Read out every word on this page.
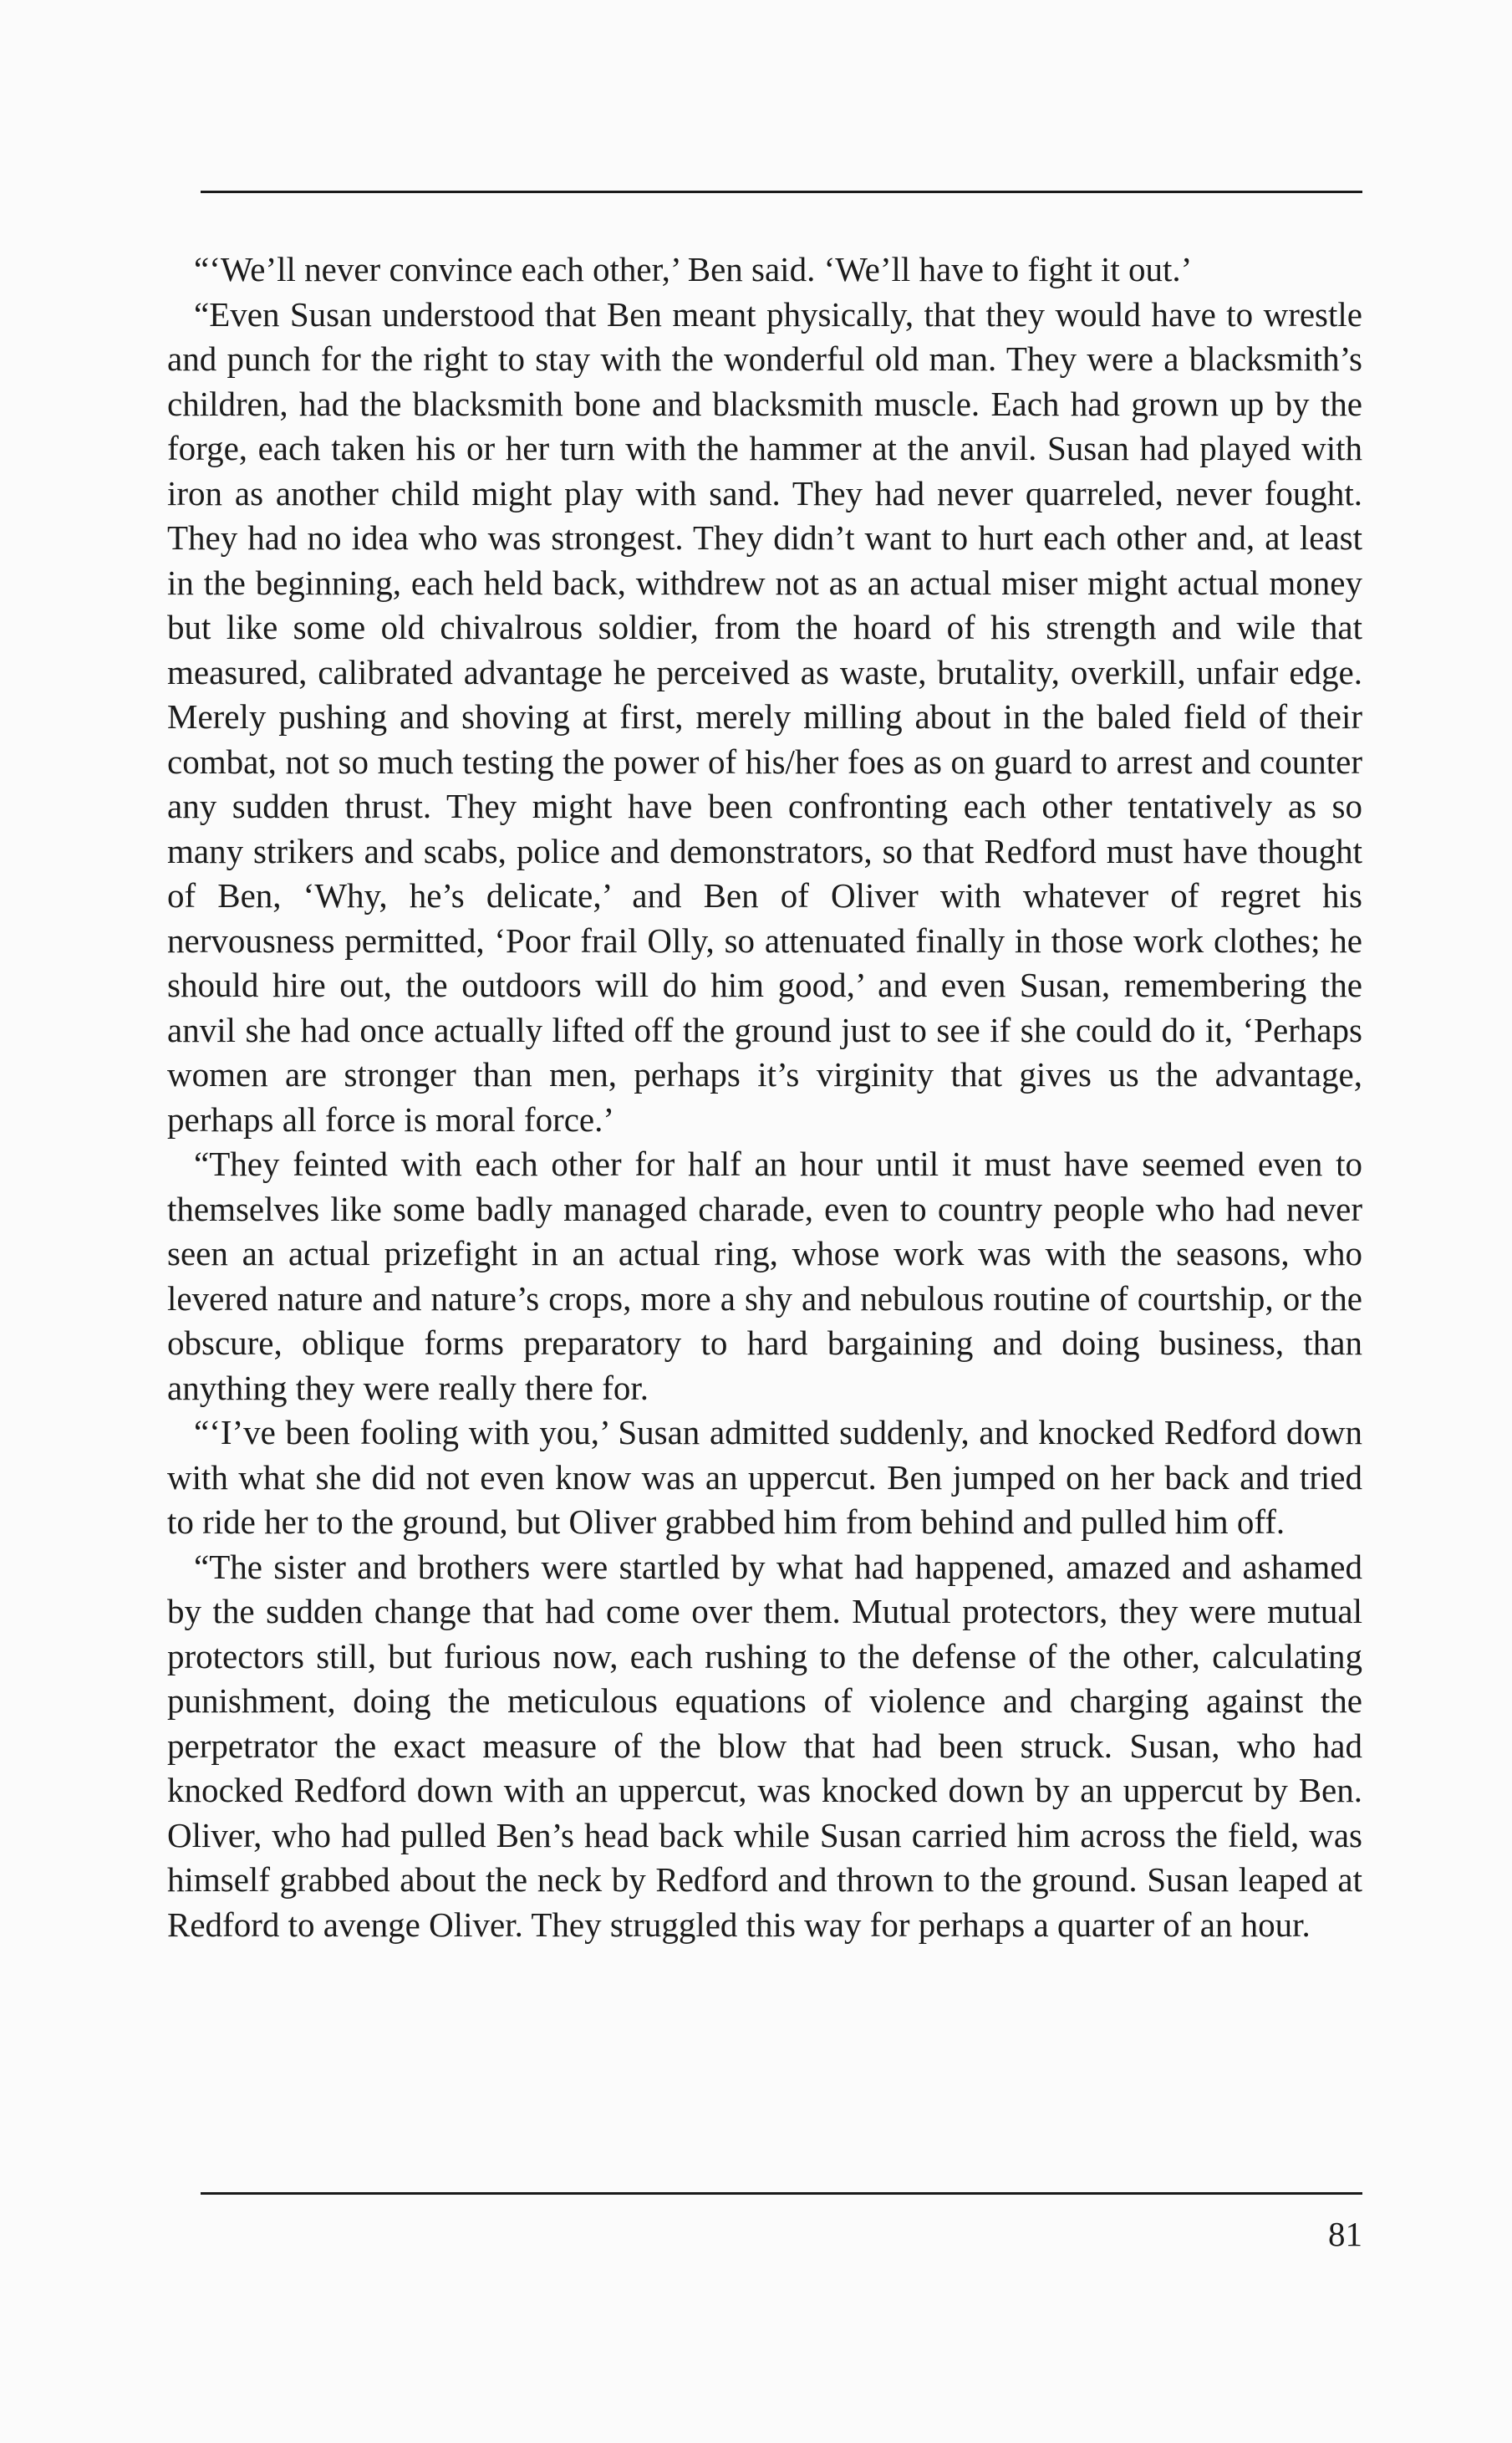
“‘We’ll never convince each other,’ Ben said. ‘We’ll have to fight it out.’

“Even Susan understood that Ben meant physically, that they would have to wrestle and punch for the right to stay with the wonderful old man. They were a blacksmith’s children, had the blacksmith bone and blacksmith muscle. Each had grown up by the forge, each taken his or her turn with the hammer at the anvil. Susan had played with iron as another child might play with sand. They had never quarreled, never fought. They had no idea who was strongest. They didn’t want to hurt each other and, at least in the beginning, each held back, withdrew not as an actual miser might actual money but like some old chivalrous soldier, from the hoard of his strength and wile that measured, calibrated advantage he perceived as waste, brutality, overkill, unfair edge. Merely pushing and shoving at first, merely milling about in the baled field of their combat, not so much testing the power of his/her foes as on guard to arrest and counter any sudden thrust. They might have been confronting each other tentatively as so many strikers and scabs, police and demonstrators, so that Redford must have thought of Ben, ‘Why, he’s delicate,’ and Ben of Oliver with whatever of regret his nervousness permitted, ‘Poor frail Olly, so attenuated finally in those work clothes; he should hire out, the outdoors will do him good,’ and even Susan, remembering the anvil she had once actually lifted off the ground just to see if she could do it, ‘Perhaps women are stronger than men, perhaps it’s virginity that gives us the advantage, perhaps all force is moral force.’

“They feinted with each other for half an hour until it must have seemed even to themselves like some badly managed charade, even to country people who had never seen an actual prizefight in an actual ring, whose work was with the seasons, who levered nature and nature’s crops, more a shy and nebulous routine of courtship, or the obscure, oblique forms preparatory to hard bargaining and doing business, than anything they were really there for.

“‘I’ve been fooling with you,’ Susan admitted suddenly, and knocked Redford down with what she did not even know was an uppercut. Ben jumped on her back and tried to ride her to the ground, but Oliver grabbed him from behind and pulled him off.

“The sister and brothers were startled by what had happened, amazed and ashamed by the sudden change that had come over them. Mutual protectors, they were mutual protectors still, but furious now, each rushing to the defense of the other, calculating punishment, doing the meticulous equations of violence and charging against the perpetrator the exact measure of the blow that had been struck. Susan, who had knocked Redford down with an uppercut, was knocked down by an uppercut by Ben. Oliver, who had pulled Ben’s head back while Susan carried him across the field, was himself grabbed about the neck by Redford and thrown to the ground. Susan leaped at Redford to avenge Oliver. They struggled this way for perhaps a quarter of an hour.

81
